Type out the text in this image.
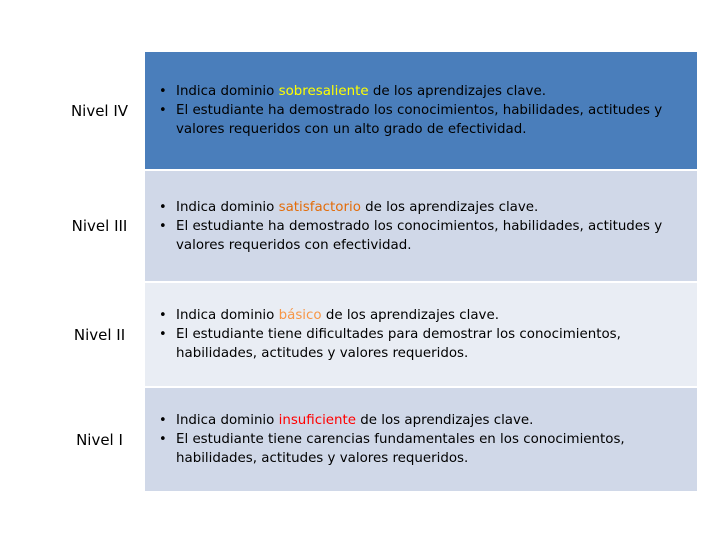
Nivel IV
• Indica dominio sobresaliente de los aprendizajes clave.
• El estudiante ha demostrado los conocimientos, habilidades, actitudes y valores requeridos con un alto grado de efectividad.
Nivel III
• Indica dominio satisfactorio de los aprendizajes clave.
• El estudiante ha demostrado los conocimientos, habilidades, actitudes y valores requeridos con efectividad.
Nivel II
• Indica dominio básico de los aprendizajes clave.
• El estudiante tiene dificultades para demostrar los conocimientos, habilidades, actitudes y valores requeridos.
Nivel I
• Indica dominio insuficiente de los aprendizajes clave.
• El estudiante tiene carencias fundamentales en los conocimientos, habilidades, actitudes y valores requeridos.
